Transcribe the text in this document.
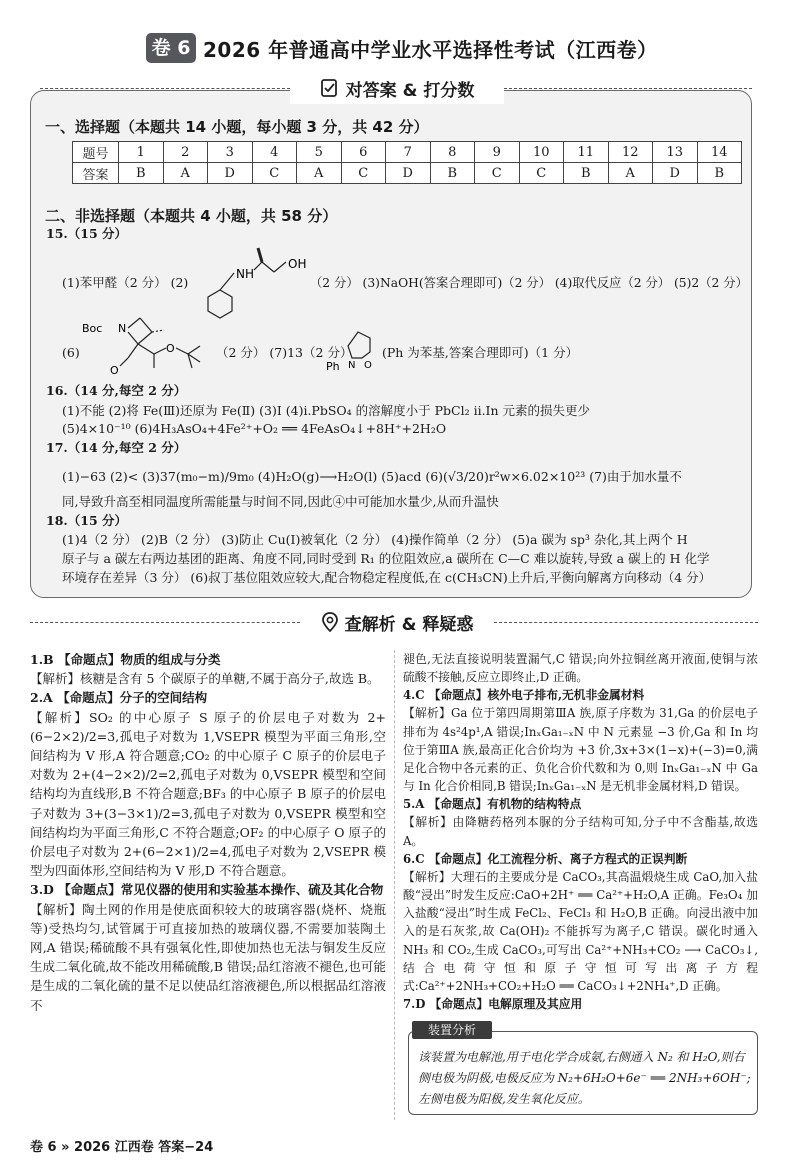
卷 6 2026 年普通高中学业水平选择性考试（江西卷）
对答案 & 打分数
一、选择题（本题共 14 小题，每小题 3 分，共 42 分）
题号	1	2	3	4	5	6	7	8	9	10	11	12	13	14
答案	B	A	D	C	A	C	D	B	C	C	B	A	D	B
二、非选择题（本题共 4 小题，共 58 分）
15.（15 分）
(1)苯甲醛（2 分） (2)
NH
OH
（2 分） (3)NaOH(答案合理即可)（2 分） (4)取代反应（2 分） (5)2（2 分）
(6)
Boc N
O
O	（2 分） (7)13（2 分）
Ph N O
(Ph 为苯基,答案合理即可)（1 分）
16.（14 分,每空 2 分）
(1)不能 (2)将 Fe(Ⅲ)还原为 Fe(Ⅱ) (3)Ⅰ (4)ⅰ.PbSO₄ 的溶解度小于 PbCl₂ ⅱ.In 元素的损失更少
(5)4×10⁻¹⁰ (6)4H₃AsO₄+4Fe²⁺+O₂ ══ 4FeAsO₄↓+8H⁺+2H₂O
17.（14 分,每空 2 分）
(1)−63 (2)< (3)37(m₀−m)/9m₀ (4)H₂O(g)⟶H₂O(l) (5)acd (6)(√3/20)r²w×6.02×10²³ (7)由于加水量不
同,导致升高至相同温度所需能量与时间不同,因此④中可能加水量少,从而升温快
18.（15 分）
(1)4（2 分） (2)B（2 分） (3)防止 Cu(Ⅰ)被氧化（2 分） (4)操作简单（2 分） (5)a 碳为 sp³ 杂化,其上两个 H
原子与 a 碳左右两边基团的距离、角度不同,同时受到 R₁ 的位阻效应,a 碳所在 C—C 难以旋转,导致 a 碳上的 H 化学
环境存在差异（3 分） (6)叔丁基位阻效应较大,配合物稳定程度低,在 c(CH₃CN)上升后,平衡向解离方向移动（4 分）
查解析 & 释疑惑

1.B 【命题点】物质的组成与分类

【解析】核糖是含有 5 个碳原子的单糖,不属于高分子,故选 B。

2.A 【命题点】分子的空间结构

【解析】SO₂ 的中心原子 S 原子的价层电子对数为 2+(6−2×2)/2=3,孤电子对数为 1,VSEPR 模型为平面三角形,空间结构为 V 形,A 符合题意;CO₂ 的中心原子 C 原子的价层电子对数为 2+(4−2×2)/2=2,孤电子对数为 0,VSEPR 模型和空间结构均为直线形,B 不符合题意;BF₃ 的中心原子 B 原子的价层电子对数为 3+(3−3×1)/2=3,孤电子对数为 0,VSEPR 模型和空间结构均为平面三角形,C 不符合题意;OF₂ 的中心原子 O 原子的价层电子对数为 2+(6−2×1)/2=4,孤电子对数为 2,VSEPR 模型为四面体形,空间结构为 V 形,D 不符合题意。

3.D 【命题点】常见仪器的使用和实验基本操作、硫及其化合物

【解析】陶土网的作用是使底面积较大的玻璃容器(烧杯、烧瓶等)受热均匀,试管属于可直接加热的玻璃仪器,不需要加装陶土网,A 错误;稀硫酸不具有强氧化性,即使加热也无法与铜发生反应生成二氧化硫,故不能改用稀硫酸,B 错误;品红溶液不褪色,也可能是生成的二氧化硫的量不足以使品红溶液褪色,所以根据品红溶液不

褪色,无法直接说明装置漏气,C 错误;向外拉铜丝离开液面,使铜与浓硫酸不接触,反应立即终止,D 正确。

4.C 【命题点】核外电子排布,无机非金属材料

【解析】Ga 位于第四周期第ⅢA 族,原子序数为 31,Ga 的价层电子排布为 4s²4p¹,A 错误;InₓGa₁₋ₓN 中 N 元素显 −3 价,Ga 和 In 均位于第ⅢA 族,最高正化合价均为 +3 价,3x+3×(1−x)+(−3)=0,满足化合物中各元素的正、负化合价代数和为 0,则 InₓGa₁₋ₓN 中 Ga 与 In 化合价相同,B 错误;InₓGa₁₋ₓN 是无机非金属材料,D 错误。

5.A 【命题点】有机物的结构特点

【解析】由降糖药格列本脲的分子结构可知,分子中不含酯基,故选 A。

6.C 【命题点】化工流程分析、离子方程式的正误判断

【解析】大理石的主要成分是 CaCO₃,其高温煅烧生成 CaO,加入盐酸“浸出”时发生反应:CaO+2H⁺ ══ Ca²⁺+H₂O,A 正确。Fe₃O₄ 加入盐酸“浸出”时生成 FeCl₂、FeCl₃ 和 H₂O,B 正确。向浸出液中加入的是石灰浆,故 Ca(OH)₂ 不能拆写为离子,C 错误。碳化时通入 NH₃ 和 CO₂,生成 CaCO₃,可写出 Ca²⁺+NH₃+CO₂ ⟶ CaCO₃↓,结合电荷守恒和原子守恒可写出离子方程式:Ca²⁺+2NH₃+CO₂+H₂O ══ CaCO₃↓+2NH₄⁺,D 正确。

7.D 【命题点】电解原理及其应用

装置分析
该装置为电解池,用于电化学合成氨,右侧通入 N₂ 和 H₂O,则右侧电极为阴极,电极反应为 N₂+6H₂O+6e⁻ ══ 2NH₃+6OH⁻;左侧电极为阳极,发生氧化反应。
卷 6 » 2026 江西卷 答案−24
